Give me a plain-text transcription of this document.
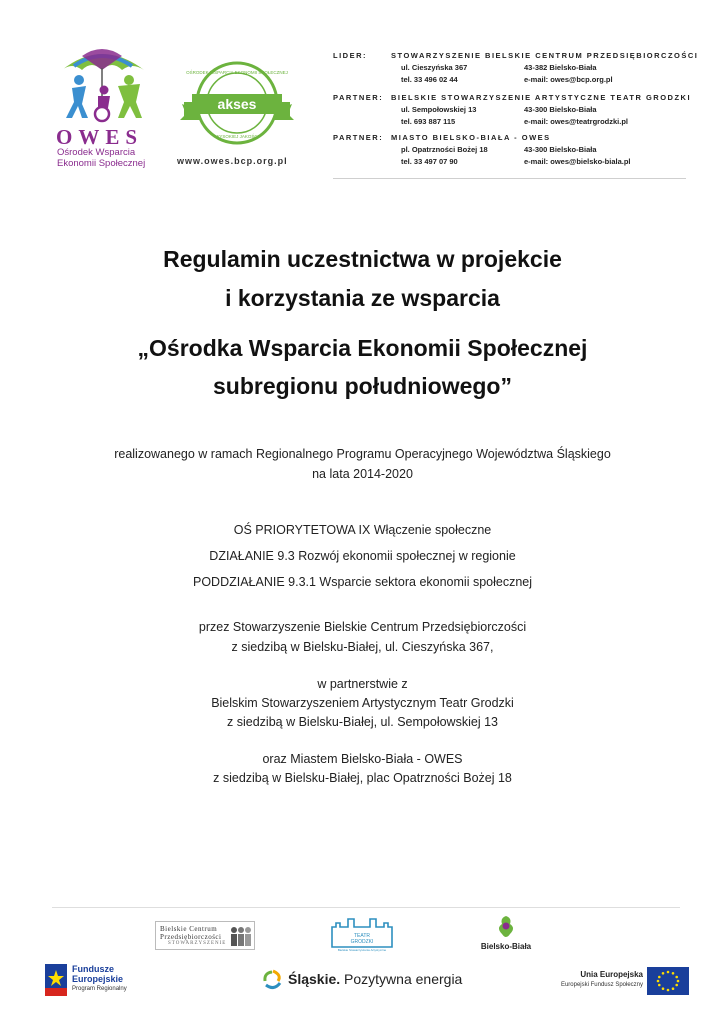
OWES
Ośrodek Wsparcia
Ekonomii Społecznej
akses
OŚRODEK WSPARCIA EKONOMII SPOŁECZNEJ
WYSOKIEJ JAKOŚCI
www.owes.bcp.org.pl
LIDER:	STOWARZYSZENIE BIELSKIE CENTRUM PRZEDSIĘBIORCZOŚCI
ul. Cieszyńska 367	43-382 Bielsko-Biała
tel. 33 496 02 44	e-mail: owes@bcp.org.pl
PARTNER: BIELSKIE STOWARZYSZENIE ARTYSTYCZNE TEATR GRODZKI
ul. Sempołowskiej 13	43-300 Bielsko-Biała
tel. 693 887 115	e-mail: owes@teatrgrodzki.pl
PARTNER: MIASTO BIELSKO-BIAŁA - OWES
pl. Opatrzności Bożej 18	43-300 Bielsko-Biała
tel. 33 497 07 90	e-mail: owes@bielsko-biala.pl
Regulamin uczestnictwa w projekcie
i korzystania ze wsparcia
„Ośrodka Wsparcia Ekonomii Społecznej
subregionu południowego”
realizowanego w ramach Regionalnego Programu Operacyjnego Województwa Śląskiego
na lata 2014-2020
OŚ PRIORYTETOWA IX Włączenie społeczne
DZIAŁANIE 9.3 Rozwój ekonomii społecznej w regionie
PODDZIAŁANIE 9.3.1 Wsparcie sektora ekonomii społecznej
przez Stowarzyszenie Bielskie Centrum Przedsiębiorczości
z siedzibą w Bielsku-Białej, ul. Cieszyńska 367,
w partnerstwie z
Bielskim Stowarzyszeniem Artystycznym Teatr Grodzki
z siedzibą w Bielsku-Białej, ul. Sempołowskiej 13
oraz Miastem Bielsko-Biała - OWES
z siedzibą w Bielsku-Białej, plac Opatrzności Bożej 18
Bielskie Centrum
Przedsiębiorczości
STOWARZYSZENIE
TEATR
GRODZKI
Bielskie Stowarzyszenie Artystyczne	Bielsko-Biała
Fundusze
Europejskie
Program Regionalny
Śląskie. Pozytywna energia	Unia Europejska
Europejski Fundusz Społeczny
